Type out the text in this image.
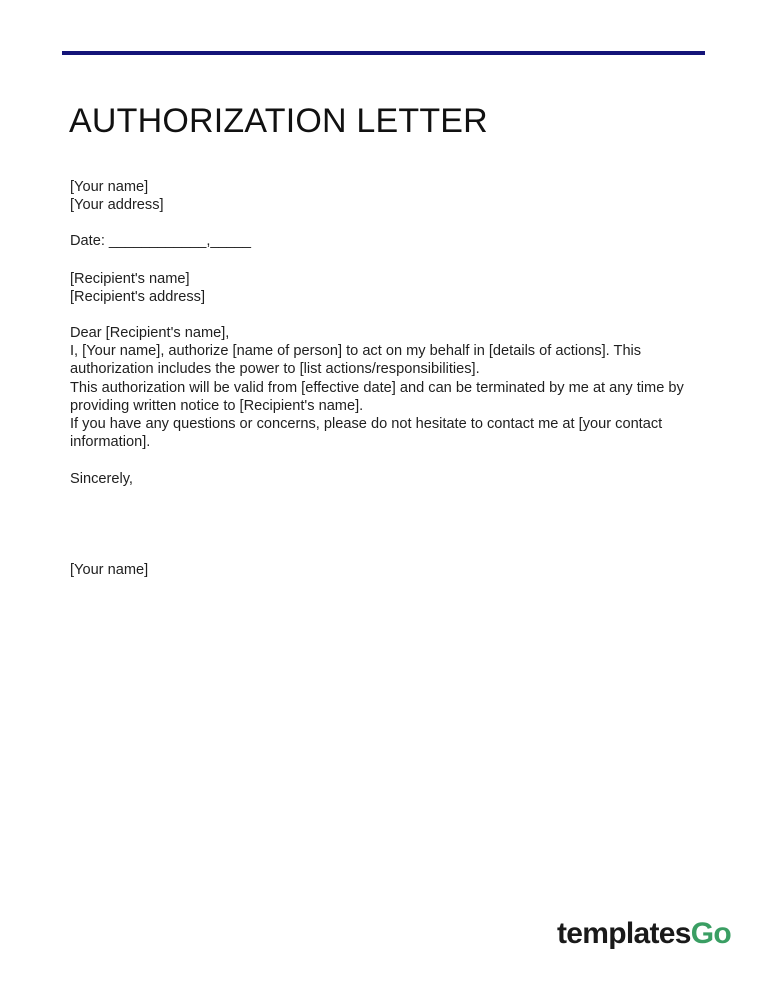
AUTHORIZATION LETTER

[Your name]

[Your address]

Date: ____________,_____

[Recipient's name]

[Recipient's address]

Dear [Recipient's name],

I, [Your name], authorize [name of person] to act on my behalf in [details of actions]. This authorization includes the power to [list actions/responsibilities].

This authorization will be valid from [effective date] and can be terminated by me at any time by providing written notice to [Recipient's name].

If you have any questions or concerns, please do not hesitate to contact me at [your contact information].

Sincerely,

[Your name]

templatesGo
